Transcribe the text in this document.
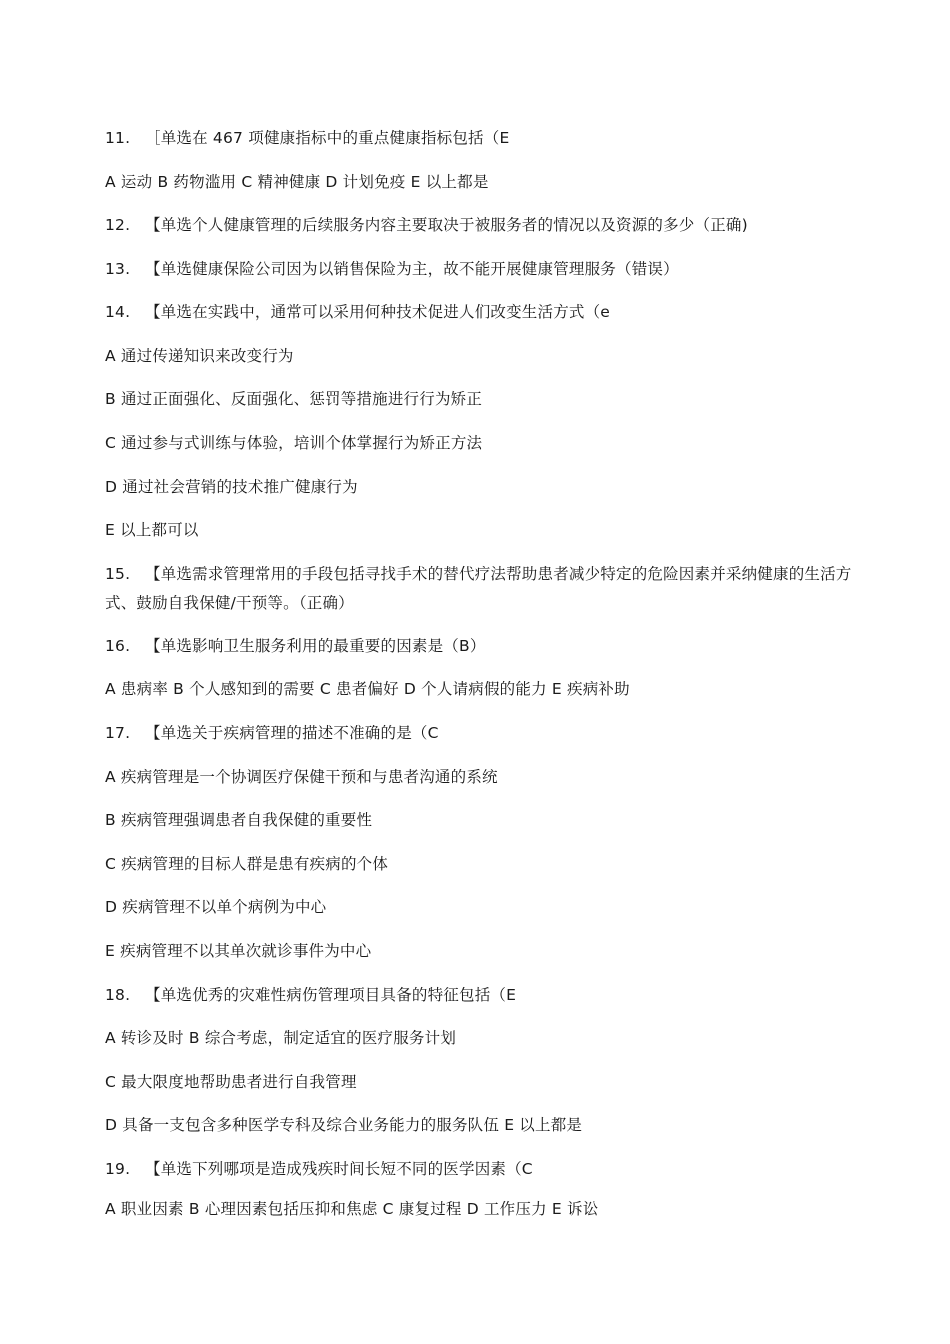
11. ［单选在 467 项健康指标中的重点健康指标包括（E
A 运动 B 药物滥用 C 精神健康 D 计划免疫 E 以上都是
12. 【单选个人健康管理的后续服务内容主要取决于被服务者的情况以及资源的多少（正确)
13. 【单选健康保险公司因为以销售保险为主，故不能开展健康管理服务（错误）
14. 【单选在实践中，通常可以采用何种技术促进人们改变生活方式（e
A 通过传递知识来改变行为
B 通过正面强化、反面强化、惩罚等措施进行行为矫正
C 通过参与式训练与体验，培训个体掌握行为矫正方法
D 通过社会营销的技术推广健康行为
E 以上都可以
15. 【单选需求管理常用的手段包括寻找手术的替代疗法帮助患者减少特定的危险因素并采纳健康的生活方式、鼓励自我保健/干预等。（正确）
16. 【单选影响卫生服务利用的最重要的因素是（B）
A 患病率 B 个人感知到的需要 C 患者偏好 D 个人请病假的能力 E 疾病补助
17. 【单选关于疾病管理的描述不准确的是（C
A 疾病管理是一个协调医疗保健干预和与患者沟通的系统
B 疾病管理强调患者自我保健的重要性
C 疾病管理的目标人群是患有疾病的个体
D 疾病管理不以单个病例为中心
E 疾病管理不以其单次就诊事件为中心
18. 【单选优秀的灾难性病伤管理项目具备的特征包括（E
A 转诊及时 B 综合考虑，制定适宜的医疗服务计划
C 最大限度地帮助患者进行自我管理
D 具备一支包含多种医学专科及综合业务能力的服务队伍 E 以上都是
19. 【单选下列哪项是造成残疾时间长短不同的医学因素（C
A 职业因素 B 心理因素包括压抑和焦虑 C 康复过程 D 工作压力 E 诉讼
